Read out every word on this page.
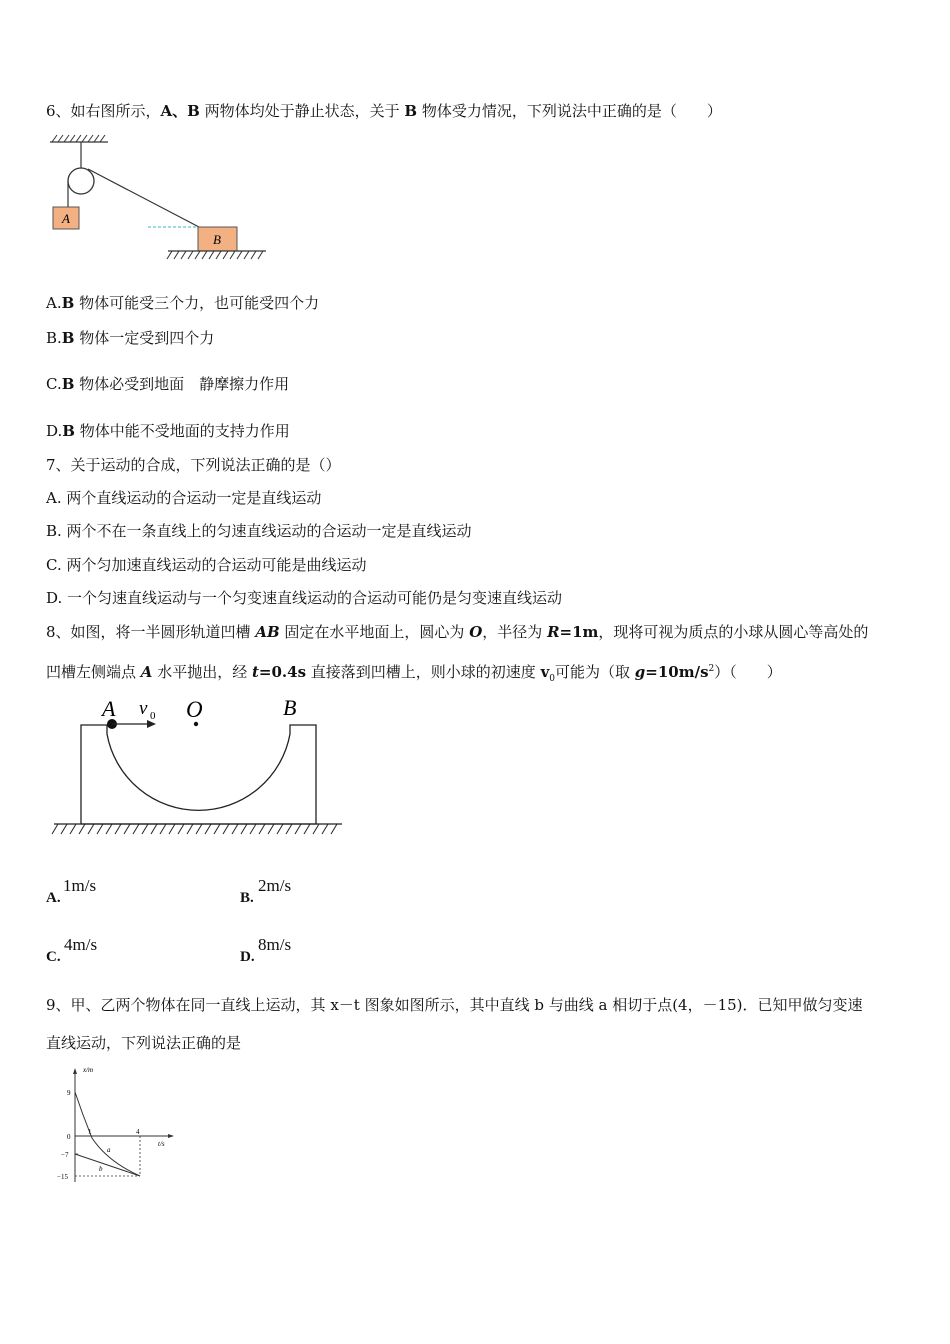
6、如右图所示，A、B 两物体均处于静止状态，关于 B 物体受力情况，下列说法中正确的是（　　）
A
B
A.B 物体可能受三个力，也可能受四个力
B.B 物体一定受到四个力
C.B 物体必受到地面　静摩擦力作用
D.B 物体中能不受地面的支持力作用
7、关于运动的合成，下列说法正确的是（）
A. 两个直线运动的合运动一定是直线运动
B. 两个不在一条直线上的匀速直线运动的合运动一定是直线运动
C. 两个匀加速直线运动的合运动可能是曲线运动
D. 一个匀速直线运动与一个匀变速直线运动的合运动可能仍是匀变速直线运动
8、如图，将一半圆形轨道凹槽 AB 固定在水平地面上，圆心为 O，半径为 R=1m，现将可视为质点的小球从圆心等高处的
凹槽左侧端点 A 水平抛出，经 t=0.4s 直接落到凹槽上，则小球的初速度 $v_0$可能为（取 $g=10m/s^2$）（　　）
A v 0 O	B
A.
1m/s
B.
2m/s
C.
4m/s
D.
8m/s
9、甲、乙两个物体在同一直线上运动，其 x－t 图象如图所示，其中直线 b 与曲线 a 相切于点(4，－15)．已知甲做匀变速
直线运动，下列说法正确的是
x/m
t/s
9
0
−7
−15
1	4
a
b
